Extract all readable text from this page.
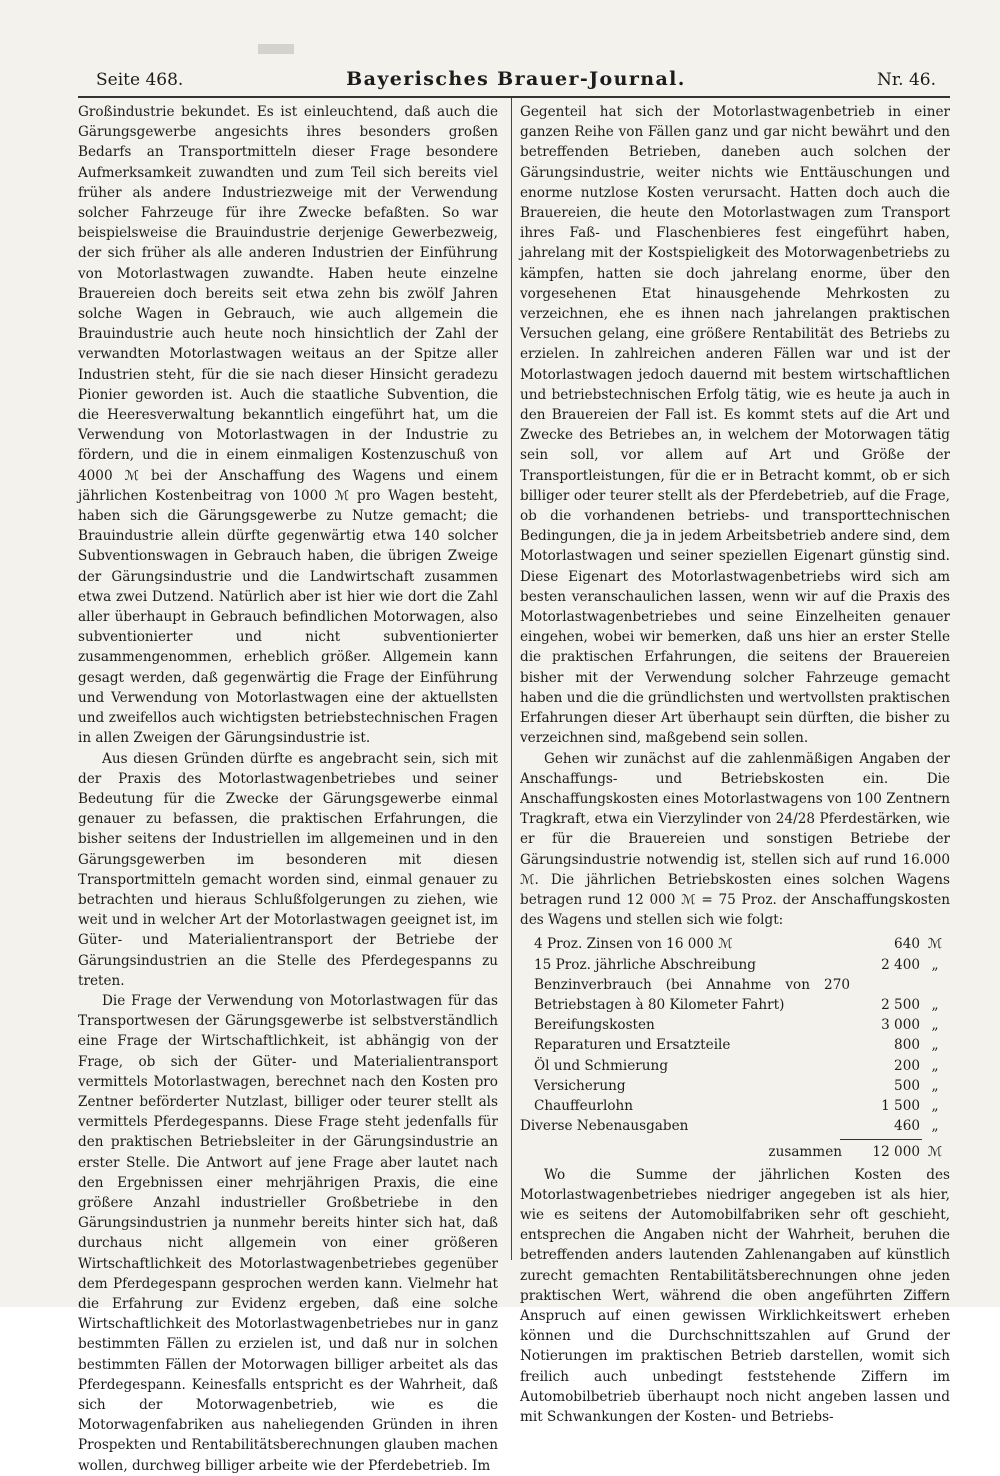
Seite 468.	Bayerisches Brauer-Journal.	Nr. 46.

Großindustrie bekundet. Es ist einleuchtend, daß auch die Gärungsgewerbe angesichts ihres besonders großen Bedarfs an Transportmitteln dieser Frage besondere Aufmerksamkeit zuwandten und zum Teil sich bereits viel früher als andere Industriezweige mit der Verwendung solcher Fahrzeuge für ihre Zwecke befaßten. So war beispielsweise die Brauindustrie derjenige Gewerbezweig, der sich früher als alle anderen Industrien der Einführung von Motorlastwagen zuwandte. Haben heute einzelne Brauereien doch bereits seit etwa zehn bis zwölf Jahren solche Wagen in Gebrauch, wie auch allgemein die Brauindustrie auch heute noch hinsichtlich der Zahl der verwandten Motorlastwagen weitaus an der Spitze aller Industrien steht, für die sie nach dieser Hinsicht geradezu Pionier geworden ist. Auch die staatliche Subvention, die die Heeresverwaltung bekanntlich eingeführt hat, um die Verwendung von Motorlastwagen in der Industrie zu fördern, und die in einem einmaligen Kostenzuschuß von 4000 ℳ bei der Anschaffung des Wagens und einem jährlichen Kostenbeitrag von 1000 ℳ pro Wagen besteht, haben sich die Gärungsgewerbe zu Nutze gemacht; die Brauindustrie allein dürfte gegenwärtig etwa 140 solcher Subventionswagen in Gebrauch haben, die übrigen Zweige der Gärungsindustrie und die Landwirtschaft zusammen etwa zwei Dutzend. Natürlich aber ist hier wie dort die Zahl aller überhaupt in Gebrauch befindlichen Motorwagen, also subventionierter und nicht subventionierter zusammengenommen, erheblich größer. Allgemein kann gesagt werden, daß gegenwärtig die Frage der Einführung und Verwendung von Motorlastwagen eine der aktuellsten und zweifellos auch wichtigsten betriebstechnischen Fragen in allen Zweigen der Gärungsindustrie ist.

Aus diesen Gründen dürfte es angebracht sein, sich mit der Praxis des Motorlastwagenbetriebes und seiner Bedeutung für die Zwecke der Gärungsgewerbe einmal genauer zu befassen, die praktischen Erfahrungen, die bisher seitens der Industriellen im allgemeinen und in den Gärungsgewerben im besonderen mit diesen Transportmitteln gemacht worden sind, einmal genauer zu betrachten und hieraus Schlußfolgerungen zu ziehen, wie weit und in welcher Art der Motorlastwagen geeignet ist, im Güter- und Materialientransport der Betriebe der Gärungsindustrien an die Stelle des Pferdegespanns zu treten.

Die Frage der Verwendung von Motorlastwagen für das Transportwesen der Gärungsgewerbe ist selbstverständlich eine Frage der Wirtschaftlichkeit, ist abhängig von der Frage, ob sich der Güter- und Materialientransport vermittels Motorlastwagen, berechnet nach den Kosten pro Zentner beförderter Nutzlast, billiger oder teurer stellt als vermittels Pferdegespanns. Diese Frage steht jedenfalls für den praktischen Betriebsleiter in der Gärungsindustrie an erster Stelle. Die Antwort auf jene Frage aber lautet nach den Ergebnissen einer mehrjährigen Praxis, die eine größere Anzahl industrieller Großbetriebe in den Gärungsindustrien ja nunmehr bereits hinter sich hat, daß durchaus nicht allgemein von einer größeren Wirtschaftlichkeit des Motorlastwagenbetriebes gegenüber dem Pferdegespann gesprochen werden kann. Vielmehr hat die Erfahrung zur Evidenz ergeben, daß eine solche Wirtschaftlichkeit des Motorlastwagenbetriebes nur in ganz bestimmten Fällen zu erzielen ist, und daß nur in solchen bestimmten Fällen der Motorwagen billiger arbeitet als das Pferdegespann. Keinesfalls entspricht es der Wahrheit, daß sich der Motorwagenbetrieb, wie es die Motorwagenfabriken aus naheliegenden Gründen in ihren Prospekten und Rentabilitätsberechnungen glauben machen wollen, durchweg billiger arbeite wie der Pferdebetrieb. Im

Gegenteil hat sich der Motorlastwagenbetrieb in einer ganzen Reihe von Fällen ganz und gar nicht bewährt und den betreffenden Betrieben, daneben auch solchen der Gärungsindustrie, weiter nichts wie Enttäuschungen und enorme nutzlose Kosten verursacht. Hatten doch auch die Brauereien, die heute den Motorlastwagen zum Transport ihres Faß- und Flaschenbieres fest eingeführt haben, jahrelang mit der Kostspieligkeit des Motorwagenbetriebs zu kämpfen, hatten sie doch jahrelang enorme, über den vorgesehenen Etat hinausgehende Mehrkosten zu verzeichnen, ehe es ihnen nach jahrelangen praktischen Versuchen gelang, eine größere Rentabilität des Betriebs zu erzielen. In zahlreichen anderen Fällen war und ist der Motorlastwagen jedoch dauernd mit bestem wirtschaftlichen und betriebstechnischen Erfolg tätig, wie es heute ja auch in den Brauereien der Fall ist. Es kommt stets auf die Art und Zwecke des Betriebes an, in welchem der Motorwagen tätig sein soll, vor allem auf Art und Größe der Transportleistungen, für die er in Betracht kommt, ob er sich billiger oder teurer stellt als der Pferdebetrieb, auf die Frage, ob die vorhandenen betriebs- und transporttechnischen Bedingungen, die ja in jedem Arbeitsbetrieb andere sind, dem Motorlastwagen und seiner speziellen Eigenart günstig sind. Diese Eigenart des Motorlastwagenbetriebs wird sich am besten veranschaulichen lassen, wenn wir auf die Praxis des Motorlastwagenbetriebes und seine Einzelheiten genauer eingehen, wobei wir bemerken, daß uns hier an erster Stelle die praktischen Erfahrungen, die seitens der Brauereien bisher mit der Verwendung solcher Fahrzeuge gemacht haben und die die gründlichsten und wertvollsten praktischen Erfahrungen dieser Art überhaupt sein dürften, die bisher zu verzeichnen sind, maßgebend sein sollen.

Gehen wir zunächst auf die zahlenmäßigen Angaben der Anschaffungs- und Betriebskosten ein. Die Anschaffungskosten eines Motorlastwagens von 100 Zentnern Tragkraft, etwa ein Vierzylinder von 24/28 Pferdestärken, wie er für die Brauereien und sonstigen Betriebe der Gärungsindustrie notwendig ist, stellen sich auf rund 16.000 ℳ. Die jährlichen Betriebskosten eines solchen Wagens betragen rund 12 000 ℳ = 75 Proz. der Anschaffungskosten des Wagens und stellen sich wie folgt:

4 Proz. Zinsen von 16 000 ℳ	640 ℳ
15 Proz. jährliche Abschreibung	2 400 „
Benzinverbrauch (bei Annahme von 270 Betriebstagen à 80 Kilometer Fahrt)	2 500 „
Bereifungskosten	3 000 „
Reparaturen und Ersatzteile	800 „
Öl und Schmierung	200 „
Versicherung	500 „
Chauffeurlohn	1 500 „
Diverse Nebenausgaben	460 „
zusammen	12 000 ℳ

Wo die Summe der jährlichen Kosten des Motorlastwagenbetriebes niedriger angegeben ist als hier, wie es seitens der Automobilfabriken sehr oft geschieht, entsprechen die Angaben nicht der Wahrheit, beruhen die betreffenden anders lautenden Zahlenangaben auf künstlich zurecht gemachten Rentabilitätsberechnungen ohne jeden praktischen Wert, während die oben angeführten Ziffern Anspruch auf einen gewissen Wirklichkeitswert erheben können und die Durchschnittszahlen auf Grund der Notierungen im praktischen Betrieb darstellen, womit sich freilich auch unbedingt feststehende Ziffern im Automobilbetrieb überhaupt noch nicht angeben lassen und mit Schwankungen der Kosten- und Betriebs-
